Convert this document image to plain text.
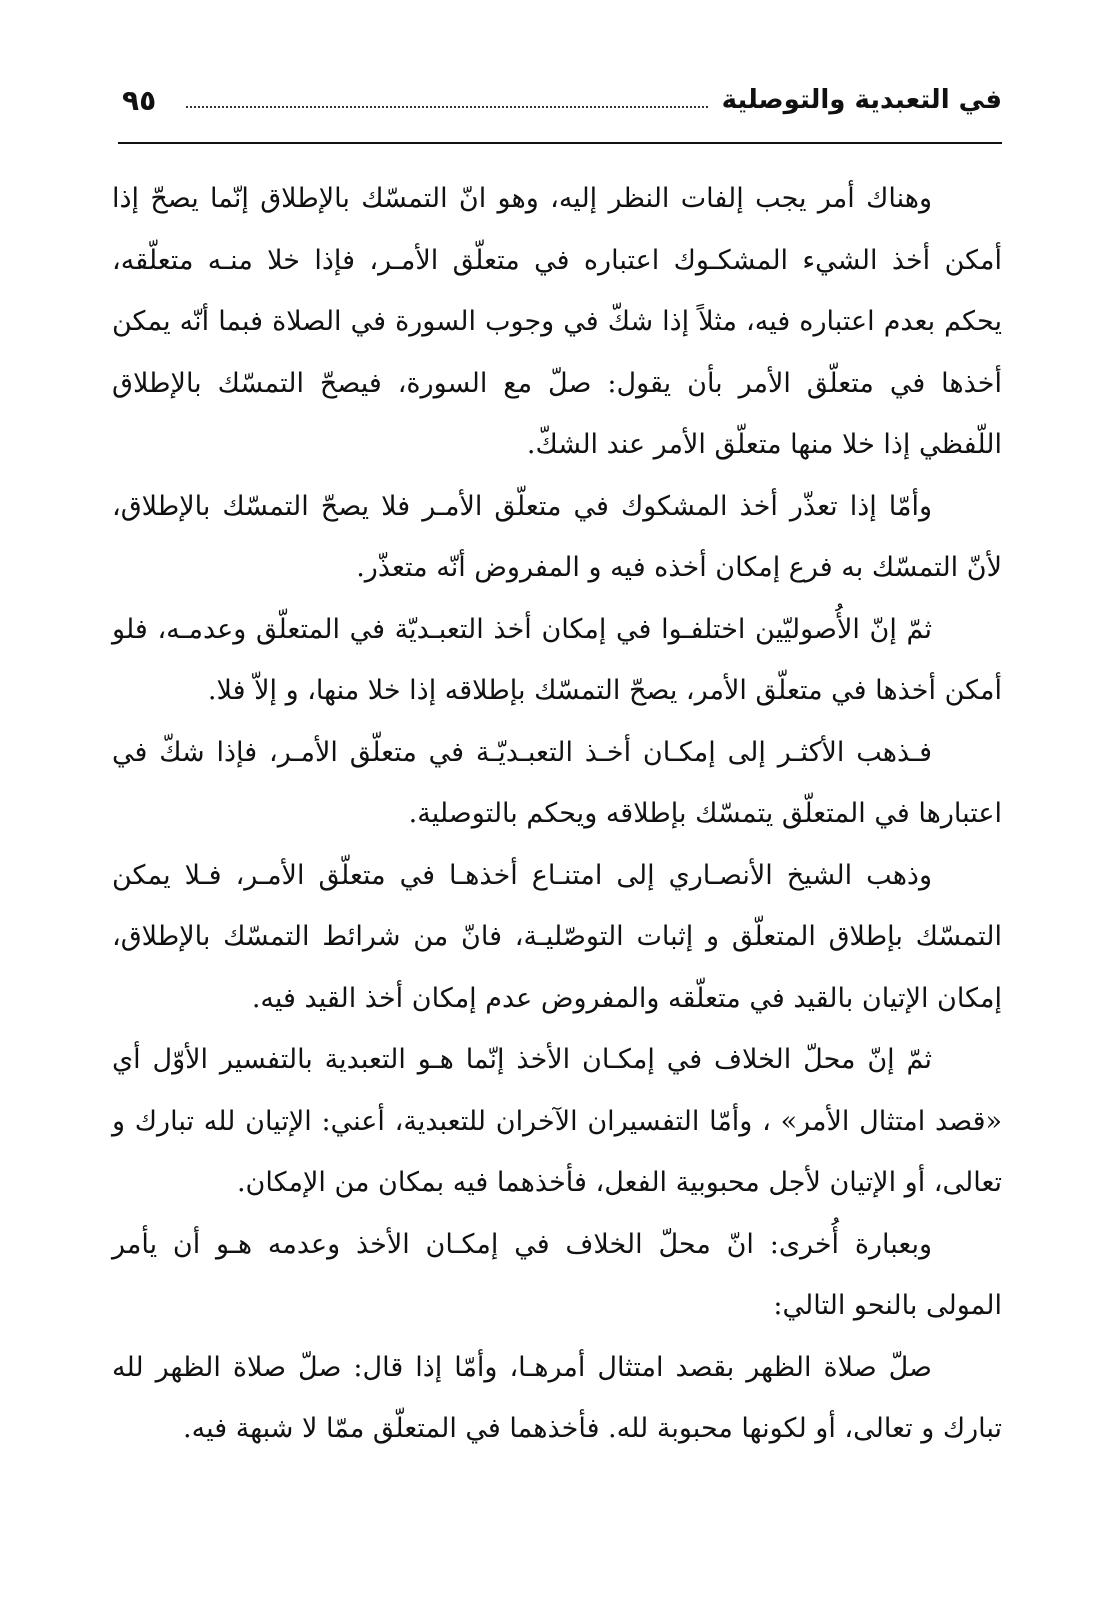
في التعبدية والتوصلية
٩٥

وهناك أمر يجب إلفات النظر إليه، وهو انّ التمسّك بالإطلاق إنّما يصحّ إذا أمكن أخذ الشيء المشكـوك اعتباره في متعلّق الأمـر، فإذا خلا منـه متعلّقه، يحكم بعدم اعتباره فيه، مثلاً إذا شكّ في وجوب السورة في الصلاة فبما أنّه يمكن أخذها في متعلّق الأمر بأن يقول: صلّ مع السورة، فيصحّ التمسّك بالإطلاق اللّفظي إذا خلا منها متعلّق الأمر عند الشكّ.

وأمّا إذا تعذّر أخذ المشكوك في متعلّق الأمـر فلا يصحّ التمسّك بالإطلاق، لأنّ التمسّك به فرع إمكان أخذه فيه و المفروض أنّه متعذّر.

ثمّ إنّ الأُصوليّين اختلفـوا في إمكان أخذ التعبـديّة في المتعلّق وعدمـه، فلو أمكن أخذها في متعلّق الأمر، يصحّ التمسّك بإطلاقه إذا خلا منها، و إلاّ فلا.

فـذهب الأكثـر إلى إمكـان أخـذ التعبـديّـة في متعلّق الأمـر، فإذا شكّ في اعتبارها في المتعلّق يتمسّك بإطلاقه ويحكم بالتوصلية.

وذهب الشيخ الأنصـاري إلى امتنـاع أخذهـا في متعلّق الأمـر، فـلا يمكن التمسّك بإطلاق المتعلّق و إثبات التوصّليـة، فانّ من شرائط التمسّك بالإطلاق، إمكان الإتيان بالقيد في متعلّقه والمفروض عدم إمكان أخذ القيد فيه.

ثمّ إنّ محلّ الخلاف في إمكـان الأخذ إنّما هـو التعبدية بالتفسير الأوّل أي «قصد امتثال الأمر» ، وأمّا التفسيران الآخران للتعبدية، أعني: الإتيان لله تبارك و تعالى، أو الإتيان لأجل محبوبية الفعل، فأخذهما فيه بمكان من الإمكان.

وبعبارة أُخرى: انّ محلّ الخلاف في إمكـان الأخذ وعدمه هـو أن يأمر المولى بالنحو التالي:

صلّ صلاة الظهر بقصد امتثال أمرهـا، وأمّا إذا قال: صلّ صلاة الظهر لله تبارك و تعالى، أو لكونها محبوبة لله. فأخذهما في المتعلّق ممّا لا شبهة فيه.
